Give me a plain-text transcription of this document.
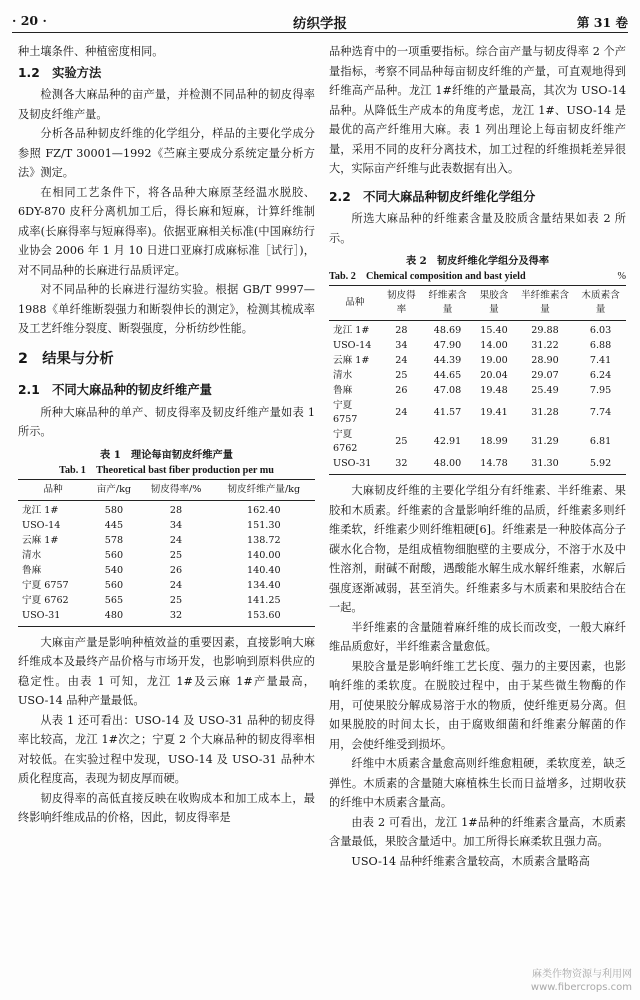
· 20 ·	纺织学报	第 31 卷

种土壤条件、种植密度相同。

1.2　实验方法

检测各大麻品种的亩产量，并检测不同品种的韧皮得率及韧皮纤维产量。

分析各品种韧皮纤维的化学组分，样品的主要化学成分参照 FZ/T 30001—1992《苎麻主要成分系统定量分析方法》测定。

在相同工艺条件下，将各品种大麻原茎经温水脱胶、6DY-870 皮秆分离机加工后，得长麻和短麻，计算纤维制成率(长麻得率与短麻得率)。依据亚麻相关标准(中国麻纺行业协会 2006 年 1 月 10 日进口亚麻打成麻标准［试行］)，对不同品种的长麻进行品质评定。

对不同品种的长麻进行湿纺实验。根据 GB/T 9997—1988《单纤维断裂强力和断裂伸长的测定》，检测其梳成率及工艺纤维分裂度、断裂强度，分析纺纱性能。

2　结果与分析
2.1　不同大麻品种的韧皮纤维产量

所种大麻品种的单产、韧皮得率及韧皮纤维产量如表 1 所示。

表 1　理论每亩韧皮纤维产量
Tab. 1　Theoretical bast fiber production per mu
品种	亩产/kg	韧皮得率/%	韧皮纤维产量/kg
龙江 1#	580	28	162.40
USO-14	445	34	151.30
云麻 1#	578	24	138.72
清水	560	25	140.00
鲁麻	540	26	140.40
宁夏 6757	560	24	134.40
宁夏 6762	565	25	141.25
USO-31	480	32	153.60

大麻亩产量是影响种植效益的重要因素，直接影响大麻纤维成本及最终产品价格与市场开发，也影响到原料供应的稳定性。由表 1 可知，龙江 1#及云麻 1#产量最高，USO-14 品种产量最低。

从表 1 还可看出：USO-14 及 USO-31 品种的韧皮得率比较高，龙江 1#次之；宁夏 2 个大麻品种的韧皮得率相对较低。在实验过程中发现，USO-14 及 USO-31 品种木质化程度高，表现为韧皮厚而硬。

韧皮得率的高低直接反映在收购成本和加工成本上，最终影响纤维成品的价格，因此，韧皮得率是

品种选育中的一项重要指标。综合亩产量与韧皮得率 2 个产量指标，考察不同品种每亩韧皮纤维的产量，可直观地得到纤维高产品种。龙江 1#纤维的产量最高，其次为 USO-14 品种。从降低生产成本的角度考虑，龙江 1#、USO-14 是最优的高产纤维用大麻。表 1 列出理论上每亩韧皮纤维产量，采用不同的皮秆分离技术，加工过程的纤维损耗差异很大，实际亩产纤维与此表数据有出入。

2.2　不同大麻品种韧皮纤维化学组分

所选大麻品种的纤维素含量及胶质含量结果如表 2 所示。

表 2　韧皮纤维化学组分及得率
Tab. 2　Chemical composition and bast yield	%
品种	韧皮得率	纤维素含量	果胶含量	半纤维素含量	木质素含量
龙江 1#	28	48.69	15.40	29.88	6.03
USO-14	34	47.90	14.00	31.22	6.88
云麻 1#	24	44.39	19.00	28.90	7.41
清水	25	44.65	20.04	29.07	6.24
鲁麻	26	47.08	19.48	25.49	7.95
宁夏 6757	24	41.57	19.41	31.28	7.74
宁夏 6762	25	42.91	18.99	31.29	6.81
USO-31	32	48.00	14.78	31.30	5.92

大麻韧皮纤维的主要化学组分有纤维素、半纤维素、果胶和木质素。纤维素的含量影响纤维的品质，纤维素多则纤维柔软，纤维素少则纤维粗硬[6]。纤维素是一种胶体高分子碳水化合物，是组成植物细胞壁的主要成分，不溶于水及中性溶剂，耐碱不耐酸，遇酸能水解生成水解纤维素，水解后强度逐渐减弱，甚至消失。纤维素多与木质素和果胶结合在一起。

半纤维素的含量随着麻纤维的成长而改变，一般大麻纤维品质愈好，半纤维素含量愈低。

果胶含量是影响纤维工艺长度、强力的主要因素，也影响纤维的柔软度。在脱胶过程中，由于某些微生物酶的作用，可使果胶分解成易溶于水的物质，使纤维更易分离。但如果脱胶的时间太长，由于腐败细菌和纤维素分解菌的作用，会使纤维受到损坏。

纤维中木质素含量愈高则纤维愈粗硬，柔软度差，缺乏弹性。木质素的含量随大麻植株生长而日益增多，过期收获的纤维中木质素含量高。

由表 2 可看出，龙江 1#品种的纤维素含量高，木质素含量最低，果胶含量适中。加工所得长麻柔软且强力高。

USO-14 品种纤维素含量较高，木质素含量略高

麻类作物资源与利用网
www.fibercrops.com
